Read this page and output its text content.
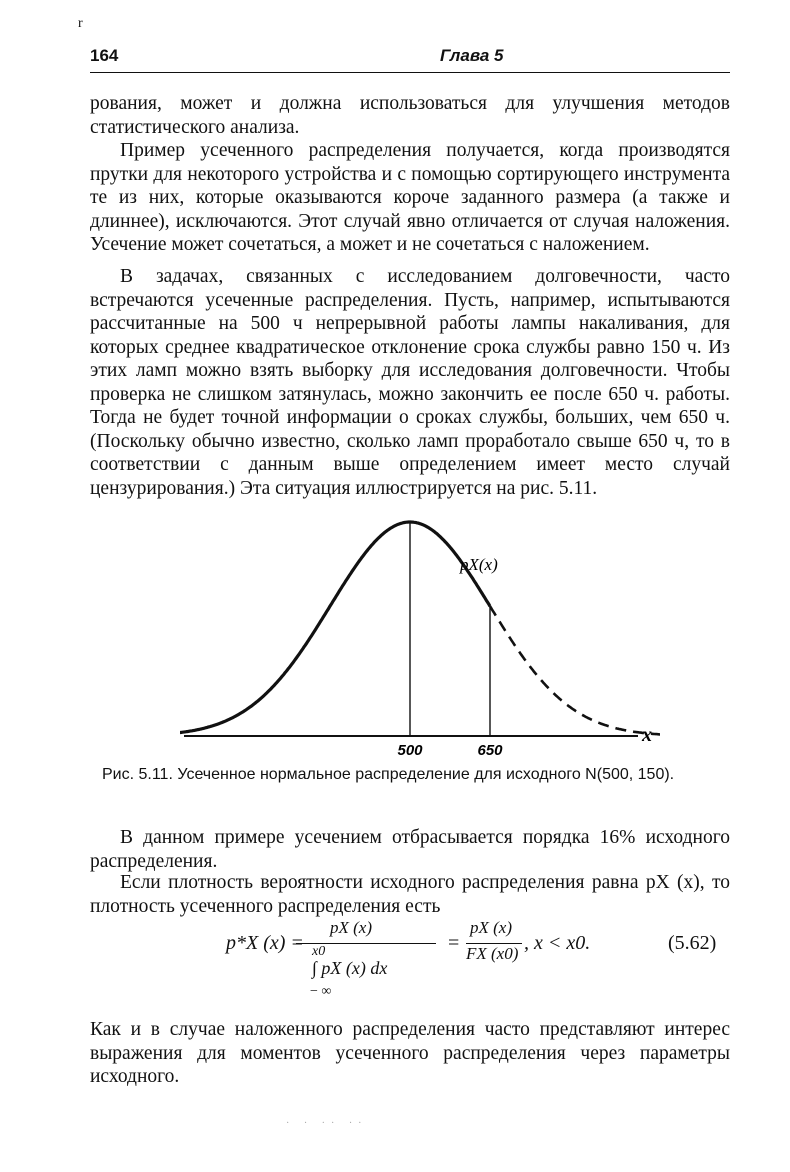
r
164	Глава 5

рования, может и должна использоваться для улучшения методов статистического анализа.

Пример усеченного распределения получается, когда производятся прутки для некоторого устройства и с помощью сортирующего инструмента те из них, которые оказываются короче заданного размера (а также и длиннее), исключаются. Этот случай явно отличается от случая наложения. Усечение может сочетаться, а может и не сочетаться с наложением.

В задачах, связанных с исследованием долговечности, часто встречаются усеченные распределения. Пусть, например, испытываются рассчитанные на 500 ч непрерывной работы лампы накаливания, для которых среднее квадратическое отклонение срока службы равно 150 ч. Из этих ламп можно взять выборку для исследования долговечности. Чтобы проверка не слишком затянулась, можно закончить ее после 650 ч. работы. Тогда не будет точной информации о сроках службы, больших, чем 650 ч. (Поскольку обычно известно, сколько ламп проработало свыше 650 ч, то в соответствии с данным выше определением имеет место случай цензурирования.) Эта ситуация иллюстрируется на рис. 5.11.

500	650
x
pX(x)
Рис. 5.11. Усеченное нормальное распределение для исходного N(500, 150).

В данном примере усечением отбрасывается порядка 16% исходного распределения.

Если плотность вероятности исходного распределения равна pX (x), то плотность усеченного распределения есть

p*X (x) =
pX (x)
x0
∫ pX (x) dx
− ∞
=
pX (x)
FX (x0) , x < x0.	(5.62)

Как и в случае наложенного распределения часто представляют интерес выражения для моментов усеченного распределения через параметры исходного.

· · ·· ··
